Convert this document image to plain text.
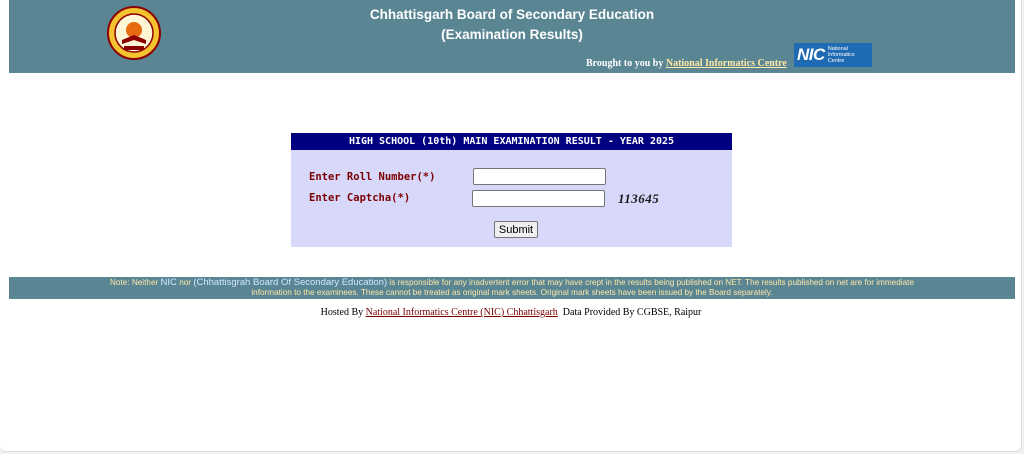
Chhattisgarh Board of Secondary Education
(Examination Results)
Brought to you by National Informatics Centre NIC National Informatics Centre
HIGH SCHOOL (10th) MAIN EXAMINATION RESULT - YEAR 2025
Enter Roll Number(*)
Enter Captcha(*)	113645
Submit
Note: Neither NIC nor (Chhattisgrah Board Of Secondary Education) is responsible for any inadvertent error that may have crept in the results being published on NET. The results published on net are for immediate
information to the examinees. These cannot be treated as original mark sheets. Original mark sheets have been issued by the Board separately.
Hosted By National Informatics Centre (NIC) Chhattisgarh Data Provided By CGBSE, Raipur
